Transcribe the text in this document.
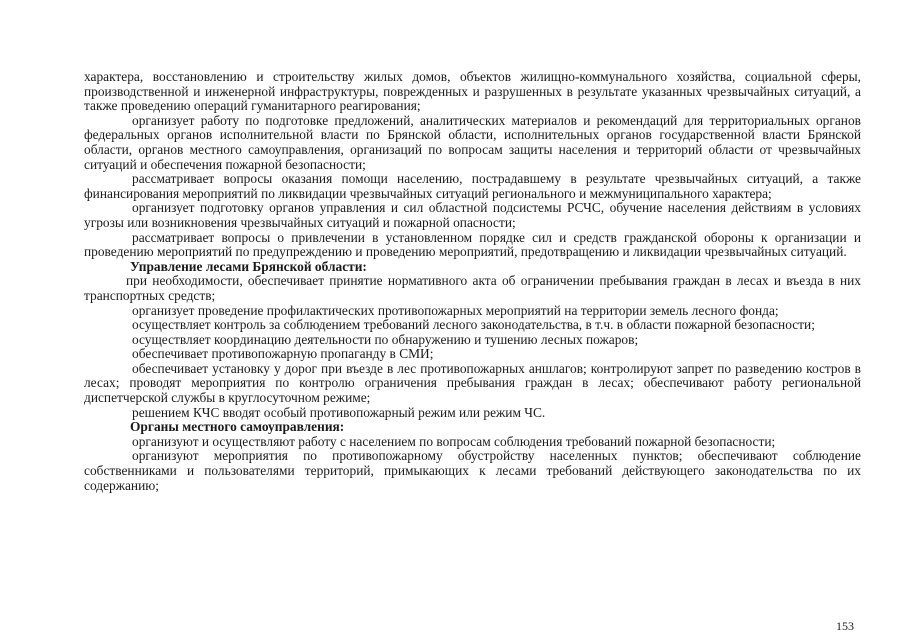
характера, восстановлению и строительству жилых домов, объектов жилищно-коммунального хозяйства, социальной сферы, производственной и инженерной инфраструктуры, поврежденных и разрушенных в результате указанных чрезвычайных ситуаций, а также проведению операций гуманитарного реагирования;

организует работу по подготовке предложений, аналитических материалов и рекомендаций для территориальных органов федеральных органов исполнительной власти по Брянской области, исполнительных органов государственной власти Брянской области, органов местного самоуправления, организаций по вопросам защиты населения и территорий области от чрезвычайных ситуаций и обеспечения пожарной безопасности;

рассматривает вопросы оказания помощи населению, пострадавшему в результате чрезвычайных ситуаций, а также финансирования мероприятий по ликвидации чрезвычайных ситуаций регионального и межмуниципального характера;

организует подготовку органов управления и сил областной подсистемы РСЧС, обучение населения действиям в условиях угрозы или возникновения чрезвычайных ситуаций и пожарной опасности;

рассматривает вопросы о привлечении в установленном порядке сил и средств гражданской обороны к организации и проведению мероприятий по предупреждению и проведению мероприятий, предотвращению и ликвидации чрезвычайных ситуаций.

Управление лесами Брянской области:

при необходимости, обеспечивает принятие нормативного акта об ограничении пребывания граждан в лесах и въезда в них транспортных средств;

организует проведение профилактических противопожарных мероприятий на территории земель лесного фонда;

осуществляет контроль за соблюдением требований лесного законодательства, в т.ч. в области пожарной безопасности;

осуществляет координацию деятельности по обнаружению и тушению лесных пожаров;

обеспечивает противопожарную пропаганду в СМИ;

обеспечивает установку у дорог при въезде в лес противопожарных аншлагов; контролируют запрет по разведению костров в лесах; проводят мероприятия по контролю ограничения пребывания граждан в лесах; обеспечивают работу региональной диспетчерской службы в круглосуточном режиме;

решением КЧС вводят особый противопожарный режим или режим ЧС.

Органы местного самоуправления:

организуют и осуществляют работу с населением по вопросам соблюдения требований пожарной безопасности;

организуют мероприятия по противопожарному обустройству населенных пунктов; обеспечивают соблюдение собственниками и пользователями территорий, примыкающих к лесами требований действующего законодательства по их содержанию;

153
